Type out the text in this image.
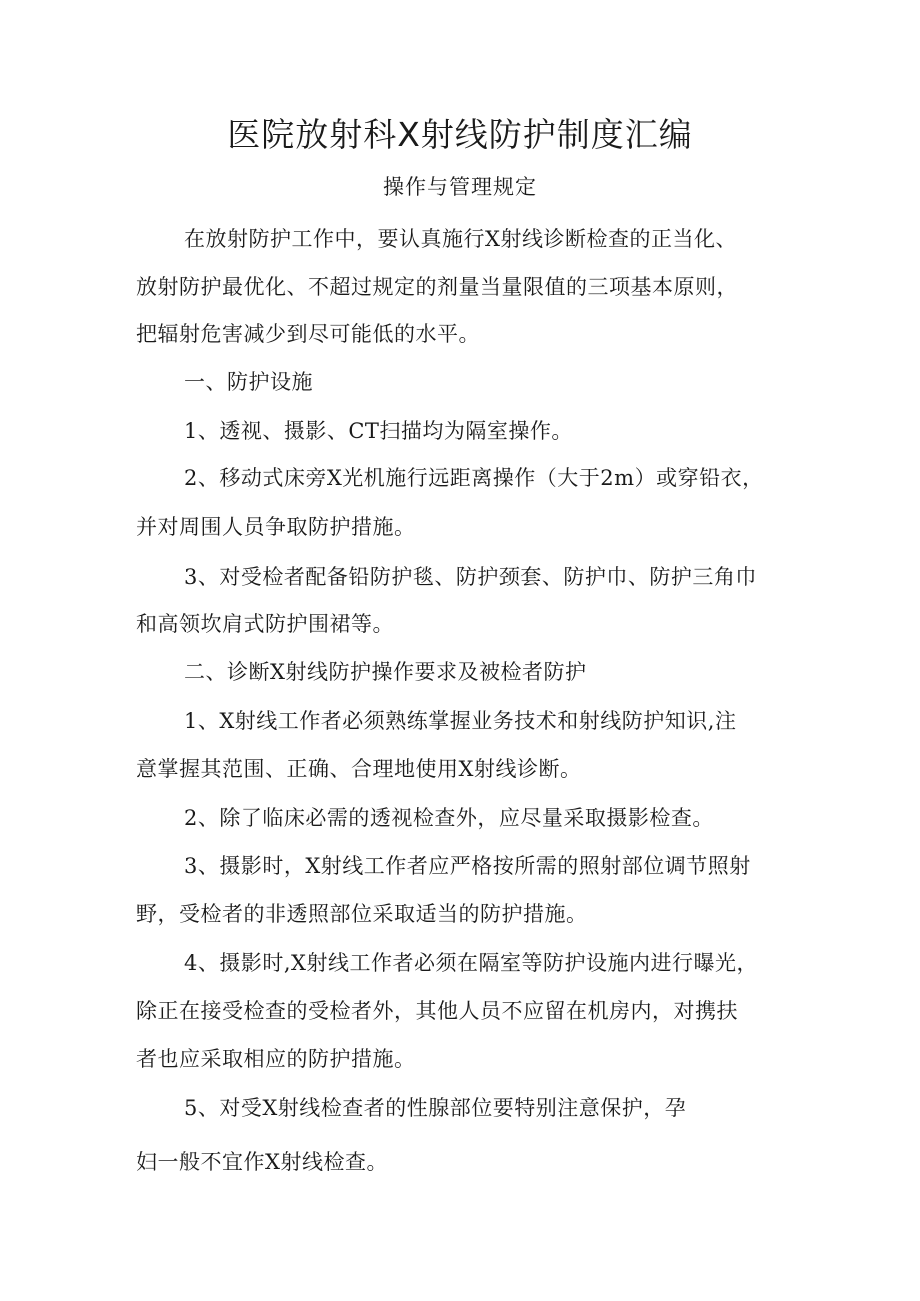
医院放射科X射线防护制度汇编
操作与管理规定
在放射防护工作中，要认真施行X射线诊断检查的正当化、
放射防护最优化、不超过规定的剂量当量限值的三项基本原则，
把辐射危害减少到尽可能低的水平。
一、防护设施
1、透视、摄影、CT扫描均为隔室操作。
2、移动式床旁X光机施行远距离操作（大于2m）或穿铅衣，
并对周围人员争取防护措施。
3、对受检者配备铅防护毯、防护颈套、防护巾、防护三角巾
和高领坎肩式防护围裙等。
二、诊断X射线防护操作要求及被检者防护
1、X射线工作者必须熟练掌握业务技术和射线防护知识,注
意掌握其范围、正确、合理地使用X射线诊断。
2、除了临床必需的透视检查外，应尽量采取摄影检查。
3、摄影时，X射线工作者应严格按所需的照射部位调节照射
野，受检者的非透照部位采取适当的防护措施。
4、摄影时,X射线工作者必须在隔室等防护设施内进行曝光，
除正在接受检查的受检者外，其他人员不应留在机房内，对携扶
者也应采取相应的防护措施。
5、对受X射线检查者的性腺部位要特别注意保护，孕
妇一般不宜作X射线检查。
